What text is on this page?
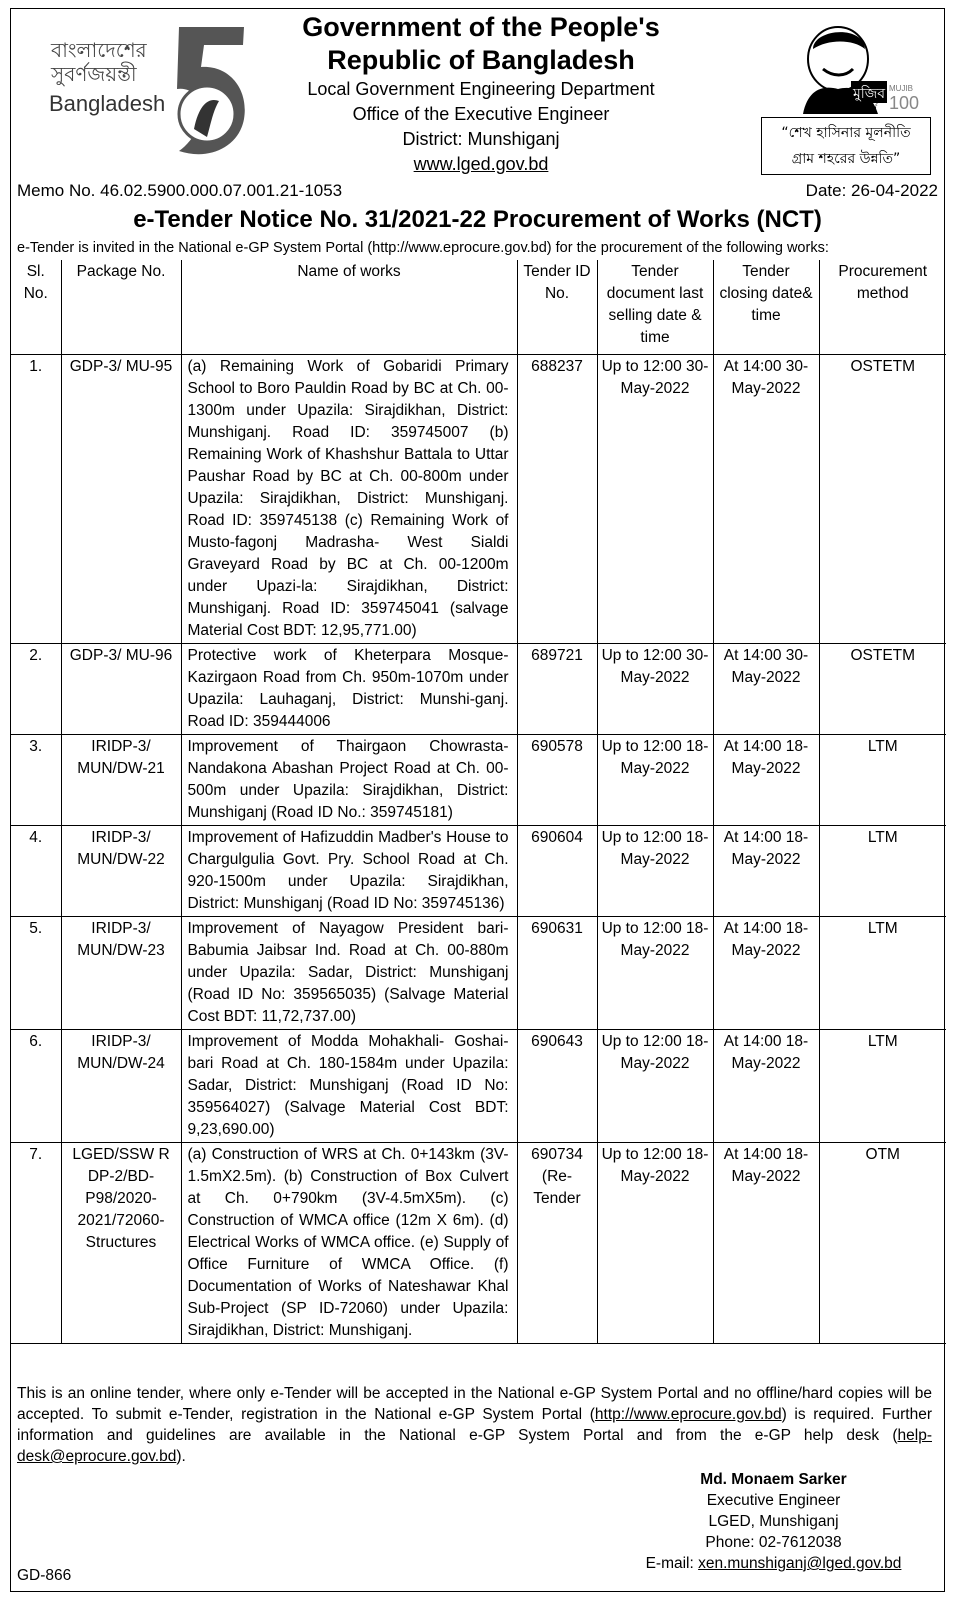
বাংলাদেশের
সুবর্ণজয়ন্তী
Bangladesh
Government of the People's
Republic of Bangladesh
Local Government Engineering Department
Office of the Executive Engineer
District: Munshiganj
www.lged.gov.bd
মুজিব MUJIB
শতবর্ষ 100
“শেখ হাসিনার মূলনীতি
গ্রাম শহরের উন্নতি”
Memo No. 46.02.5900.000.07.001.21-1053	Date: 26-04-2022
e-Tender Notice No. 31/2021-22 Procurement of Works (NCT)
e-Tender is invited in the National e-GP System Portal (http://www.eprocure.gov.bd) for the procurement of the following works:
Sl. No.	Package No.	Name of works	Tender ID No.	Tender document last selling date & time	Tender closing date& time	Procurement method
1.	GDP-3/ MU-95	(a) Remaining Work of Gobaridi Primary School to Boro Pauldin Road by BC at Ch. 00-1300m under Upazila: Sirajdikhan, District: Munshiganj. Road ID: 359745007 (b) Remaining Work of Khashshur Battala to Uttar Paushar Road by BC at Ch. 00-800m under Upazila: Sirajdikhan, District: Munshiganj. Road ID: 359745138 (c) Remaining Work of Musto-fagonj Madrasha- West Sialdi Graveyard Road by BC at Ch. 00-1200m under Upazi-la: Sirajdikhan, District: Munshiganj. Road ID: 359745041 (salvage Material Cost BDT: 12,95,771.00)	688237	Up to 12:00 30-May-2022	At 14:00 30-May-2022	OSTETM
2.	GDP-3/ MU-96	Protective work of Kheterpara Mosque-Kazirgaon Road from Ch. 950m-1070m under Upazila: Lauhaganj, District: Munshi-ganj. Road ID: 359444006	689721	Up to 12:00 30-May-2022	At 14:00 30-May-2022	OSTETM
3.	IRIDP-3/ MUN/DW-21	Improvement of Thairgaon Chowrasta-Nandakona Abashan Project Road at Ch. 00-500m under Upazila: Sirajdikhan, District: Munshiganj (Road ID No.: 359745181)	690578	Up to 12:00 18-May-2022	At 14:00 18-May-2022	LTM
4.	IRIDP-3/ MUN/DW-22	Improvement of Hafizuddin Madber's House to Chargulgulia Govt. Pry. School Road at Ch. 920-1500m under Upazila: Sirajdikhan, District: Munshiganj (Road ID No: 359745136)	690604	Up to 12:00 18-May-2022	At 14:00 18-May-2022	LTM
5.	IRIDP-3/ MUN/DW-23	Improvement of Nayagow President bari-Babumia Jaibsar Ind. Road at Ch. 00-880m under Upazila: Sadar, District: Munshiganj (Road ID No: 359565035) (Salvage Material Cost BDT: 11,72,737.00)	690631	Up to 12:00 18-May-2022	At 14:00 18-May-2022	LTM
6.	IRIDP-3/ MUN/DW-24	Improvement of Modda Mohakhali- Goshai-bari Road at Ch. 180-1584m under Upazila: Sadar, District: Munshiganj (Road ID No: 359564027) (Salvage Material Cost BDT: 9,23,690.00)	690643	Up to 12:00 18-May-2022	At 14:00 18-May-2022	LTM
7.	LGED/SSW R DP-2/BD-P98/2020-2021/72060-Structures	(a) Construction of WRS at Ch. 0+143km (3V-1.5mX2.5m). (b) Construction of Box Culvert at Ch. 0+790km (3V-4.5mX5m). (c) Construction of WMCA office (12m X 6m). (d) Electrical Works of WMCA office. (e) Supply of Office Furniture of WMCA Office. (f) Documentation of Works of Nateshawar Khal Sub-Project (SP ID-72060) under Upazila: Sirajdikhan, District: Munshiganj.	690734 (Re-Tender	Up to 12:00 18-May-2022	At 14:00 18-May-2022	OTM
This is an online tender, where only e-Tender will be accepted in the National e-GP System Portal and no offline/hard copies will be accepted. To submit e-Tender, registration in the National e-GP System Portal (http://www.eprocure.gov.bd) is required. Further information and guidelines are available in the National e-GP System Portal and from the e-GP help desk (help-desk@eprocure.gov.bd).
Md. Monaem Sarker
Executive Engineer
LGED, Munshiganj
Phone: 02-7612038
E-mail: xen.munshiganj@lged.gov.bd
GD-866
